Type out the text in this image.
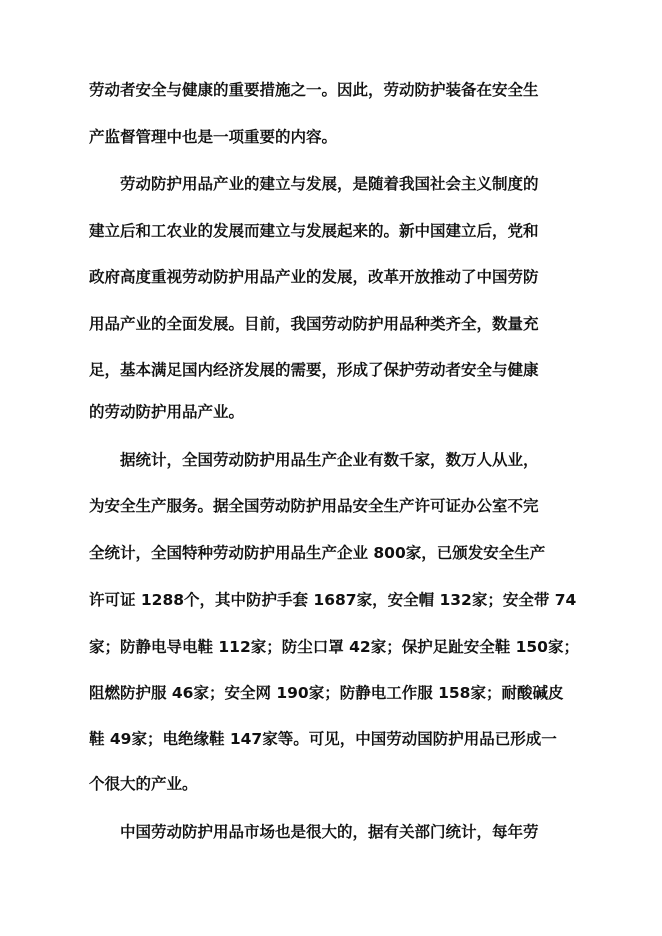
劳动者安全与健康的重要措施之一。因此，劳动防护装备在安全生
产监督管理中也是一项重要的内容。
劳动防护用品产业的建立与发展，是随着我国社会主义制度的
建立后和工农业的发展而建立与发展起来的。新中国建立后，党和
政府高度重视劳动防护用品产业的发展，改革开放推动了中国劳防
用品产业的全面发展。目前，我国劳动防护用品种类齐全，数量充
足，基本满足国内经济发展的需要，形成了保护劳动者安全与健康
的劳动防护用品产业。
据统计，全国劳动防护用品生产企业有数千家，数万人从业，
为安全生产服务。据全国劳动防护用品安全生产许可证办公室不完
全统计，全国特种劳动防护用品生产企业 800家，已颁发安全生产
许可证 1288个，其中防护手套 1687家，安全帽 132家；安全带 74
家；防静电导电鞋 112家；防尘口罩 42家；保护足趾安全鞋 150家；
阻燃防护服 46家；安全网 190家；防静电工作服 158家；耐酸碱皮
鞋 49家；电绝缘鞋 147家等。可见，中国劳动国防护用品已形成一
个很大的产业。
中国劳动防护用品市场也是很大的，据有关部门统计，每年劳
